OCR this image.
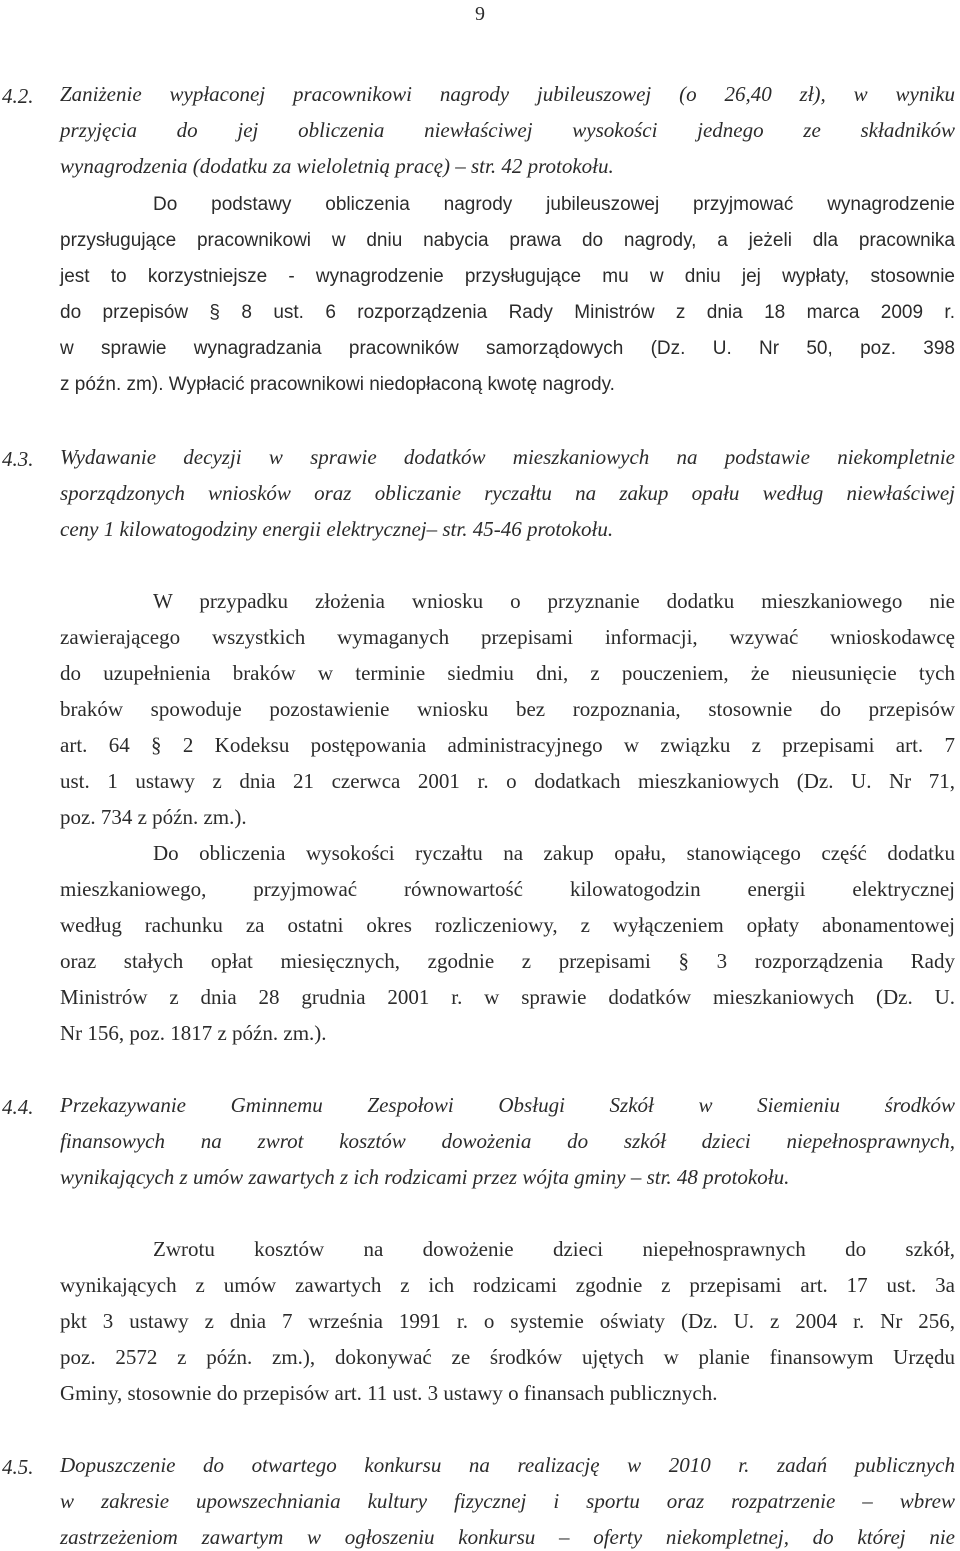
9
4.2.	Zaniżenie wypłaconej pracownikowi nagrody jubileuszowej (o 26,40 zł), w wyniku
przyjęcia do jej obliczenia niewłaściwej wysokości jednego ze składników
wynagrodzenia (dodatku za wieloletnią pracę) – str. 42 protokołu.
Do podstawy obliczenia nagrody jubileuszowej przyjmować wynagrodzenie
przysługujące pracownikowi w dniu nabycia prawa do nagrody, a jeżeli dla pracownika
jest to korzystniejsze - wynagrodzenie przysługujące mu w dniu jej wypłaty, stosownie
do przepisów § 8 ust. 6 rozporządzenia Rady Ministrów z dnia 18 marca 2009 r.
w sprawie wynagradzania pracowników samorządowych (Dz. U. Nr 50, poz. 398
z późn. zm). Wypłacić pracownikowi niedopłaconą kwotę nagrody.
4.3.	Wydawanie decyzji w sprawie dodatków mieszkaniowych na podstawie niekompletnie
sporządzonych wniosków oraz obliczanie ryczałtu na zakup opału według niewłaściwej
ceny 1 kilowatogodziny energii elektrycznej– str. 45-46 protokołu.
W przypadku złożenia wniosku o przyznanie dodatku mieszkaniowego nie
zawierającego wszystkich wymaganych przepisami informacji, wzywać wnioskodawcę
do uzupełnienia braków w terminie siedmiu dni, z pouczeniem, że nieusunięcie tych
braków spowoduje pozostawienie wniosku bez rozpoznania, stosownie do przepisów
art. 64 § 2 Kodeksu postępowania administracyjnego w związku z przepisami art. 7
ust. 1 ustawy z dnia 21 czerwca 2001 r. o dodatkach mieszkaniowych (Dz. U. Nr 71,
poz. 734 z późn. zm.).
Do obliczenia wysokości ryczałtu na zakup opału, stanowiącego część dodatku
mieszkaniowego, przyjmować równowartość kilowatogodzin energii elektrycznej
według rachunku za ostatni okres rozliczeniowy, z wyłączeniem opłaty abonamentowej
oraz stałych opłat miesięcznych, zgodnie z przepisami § 3 rozporządzenia Rady
Ministrów z dnia 28 grudnia 2001 r. w sprawie dodatków mieszkaniowych (Dz. U.
Nr 156, poz. 1817 z późn. zm.).
4.4.	Przekazywanie Gminnemu Zespołowi Obsługi Szkół w Siemieniu środków
finansowych na zwrot kosztów dowożenia do szkół dzieci niepełnosprawnych,
wynikających z umów zawartych z ich rodzicami przez wójta gminy – str. 48 protokołu.
Zwrotu kosztów na dowożenie dzieci niepełnosprawnych do szkół,
wynikających z umów zawartych z ich rodzicami zgodnie z przepisami art. 17 ust. 3a
pkt 3 ustawy z dnia 7 września 1991 r. o systemie oświaty (Dz. U. z 2004 r. Nr 256,
poz. 2572 z późn. zm.), dokonywać ze środków ujętych w planie finansowym Urzędu
Gminy, stosownie do przepisów art. 11 ust. 3 ustawy o finansach publicznych.
4.5.	Dopuszczenie do otwartego konkursu na realizację w 2010 r. zadań publicznych
w zakresie upowszechniania kultury fizycznej i sportu oraz rozpatrzenie – wbrew
zastrzeżeniom zawartym w ogłoszeniu konkursu – oferty niekompletnej, do której nie
